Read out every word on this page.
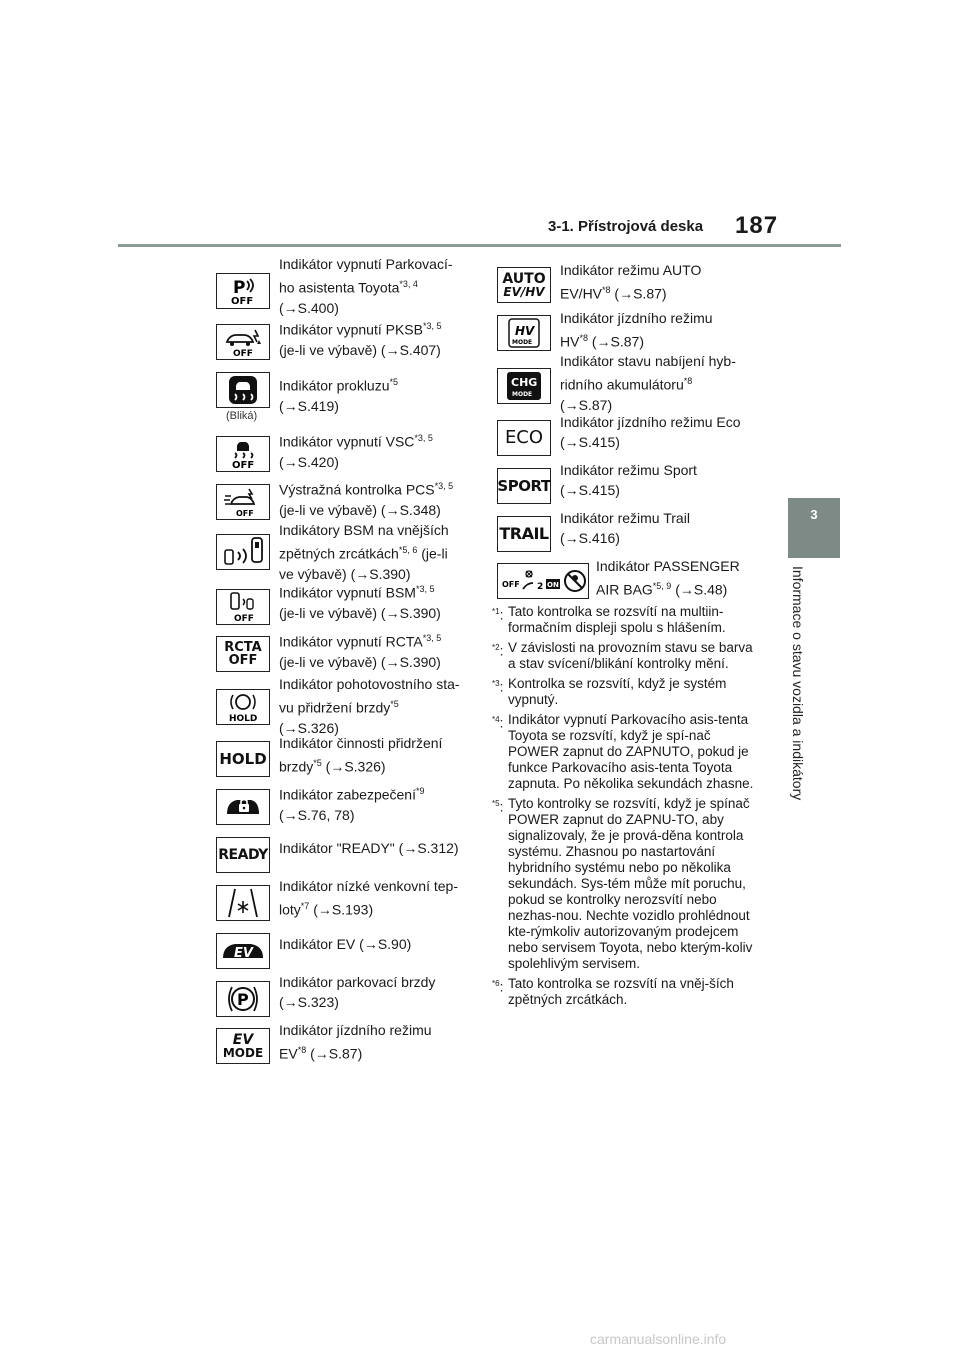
3-1. Přístrojová deska 187
3
Informace o stavu vozidla a indikátory
P
OFF
Indikátor vypnutí Parkovací-
ho asistenta Toyota$^{*3, 4}$
(→S.400)
OFF
Indikátor vypnutí PKSB$^{*3, 5}$
(je-li ve výbavě) (→S.407)
(Bliká)
Indikátor prokluzu$^{*5}$
(→S.419)
OFF
Indikátor vypnutí VSC$^{*3, 5}$
(→S.420)
OFF
Výstražná kontrolka PCS$^{*3, 5}$
(je-li ve výbavě) (→S.348)
Indikátory BSM na vnějších
zpětných zrcátkách$^{*5, 6}$ (je-li
ve výbavě) (→S.390)
OFF
Indikátor vypnutí BSM$^{*3, 5}$
(je-li ve výbavě) (→S.390)
RCTA
OFF
Indikátor vypnutí RCTA$^{*3, 5}$
(je-li ve výbavě) (→S.390)
HOLD
Indikátor pohotovostního sta-
vu přidržení brzdy$^{*5}$
(→S.326)
HOLD
Indikátor činnosti přidržení
brzdy$^{*5}$ (→S.326)
Indikátor zabezpečení$^{*9}$
(→S.76, 78)
READY Indikátor "READY" (→S.312)
Indikátor nízké venkovní tep-
loty$^{*7}$ (→S.193)
EV
Indikátor EV (→S.90)
P
Indikátor parkovací brzdy
(→S.323)
EV
MODE
Indikátor jízdního režimu
EV$^{*8}$ (→S.87)
AUTO
EV/HV
Indikátor režimu AUTO
EV/HV$^{*8}$ (→S.87)
HV
MODE
Indikátor jízdního režimu
HV$^{*8}$ (→S.87)
CHG
MODE
Indikátor stavu nabíjení hyb-
ridního akumulátoru$^{*8}$
(→S.87)
ECO
Indikátor jízdního režimu Eco
(→S.415)
SPORT
Indikátor režimu Sport
(→S.415)
TRAIL
Indikátor režimu Trail
(→S.416)
OFF 2 ON
Indikátor PASSENGER
AIR BAG$^{*5, 9}$ (→S.48)
$^{*1}$: Tato kontrolka se rozsvítí na multiin-formačním displeji spolu s hlášením.
$^{*2}$: V závislosti na provozním stavu se barva a stav svícení/blikání kontrolky mění.
$^{*3}$: Kontrolka se rozsvítí, když je systém vypnutý.
$^{*4}$: Indikátor vypnutí Parkovacího asis-tenta Toyota se rozsvítí, když je spí-nač POWER zapnut do ZAPNUTO, pokud je funkce Parkovacího asis-tenta Toyota zapnuta. Po několika sekundách zhasne.
$^{*5}$: Tyto kontrolky se rozsvítí, když je spínač POWER zapnut do ZAPNU-TO, aby signalizovaly, že je prová-děna kontrola systému. Zhasnou po nastartování hybridního systému nebo po několika sekundách. Sys-tém může mít poruchu, pokud se kontrolky nerozsvítí nebo nezhas-nou. Nechte vozidlo prohlédnout kte-rýmkoliv autorizovaným prodejcem nebo servisem Toyota, nebo kterým-koliv spolehlivým servisem.
$^{*6}$: Tato kontrolka se rozsvítí na vněj-ších zpětných zrcátkách.
carmanualsonline.info
